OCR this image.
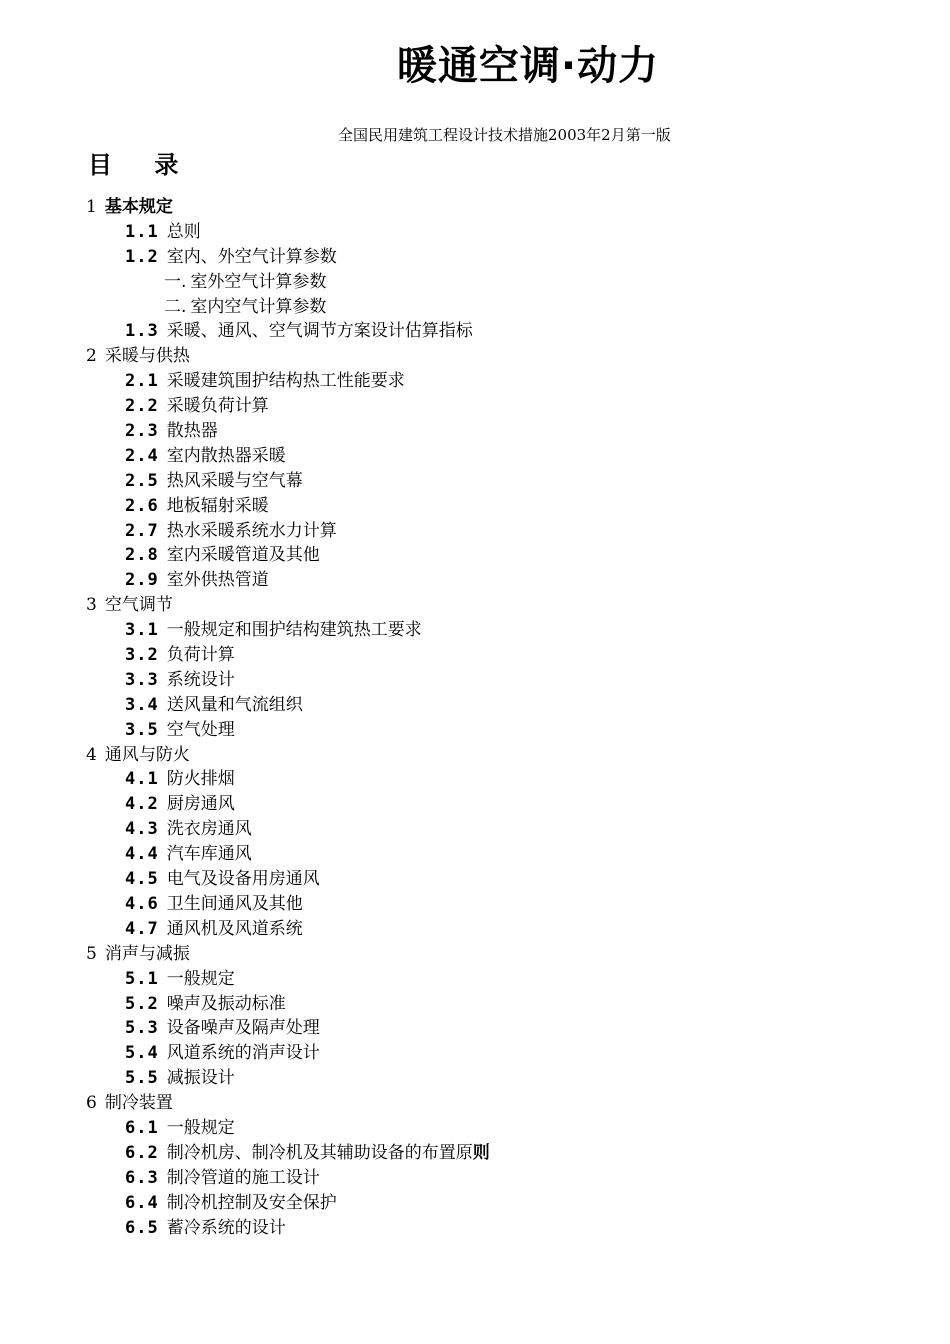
暖通空调·动力
全国民用建筑工程设计技术措施2003年2月第一版
目 录
1 基本规定
1.1 总则
1.2 室内、外空气计算参数
一. 室外空气计算参数
二. 室内空气计算参数
1.3 采暖、通风、空气调节方案设计估算指标
2 采暖与供热
2.1 采暖建筑围护结构热工性能要求
2.2 采暖负荷计算
2.3 散热器
2.4 室内散热器采暖
2.5 热风采暖与空气幕
2.6 地板辐射采暖
2.7 热水采暖系统水力计算
2.8 室内采暖管道及其他
2.9 室外供热管道
3 空气调节
3.1 一般规定和围护结构建筑热工要求
3.2 负荷计算
3.3 系统设计
3.4 送风量和气流组织
3.5 空气处理
4 通风与防火
4.1 防火排烟
4.2 厨房通风
4.3 洗衣房通风
4.4 汽车库通风
4.5 电气及设备用房通风
4.6 卫生间通风及其他
4.7 通风机及风道系统
5 消声与减振
5.1 一般规定
5.2 噪声及振动标准
5.3 设备噪声及隔声处理
5.4 风道系统的消声设计
5.5 减振设计
6 制冷装置
6.1 一般规定
6.2 制冷机房、制冷机及其辅助设备的布置原则
6.3 制冷管道的施工设计
6.4 制冷机控制及安全保护
6.5 蓄冷系统的设计
